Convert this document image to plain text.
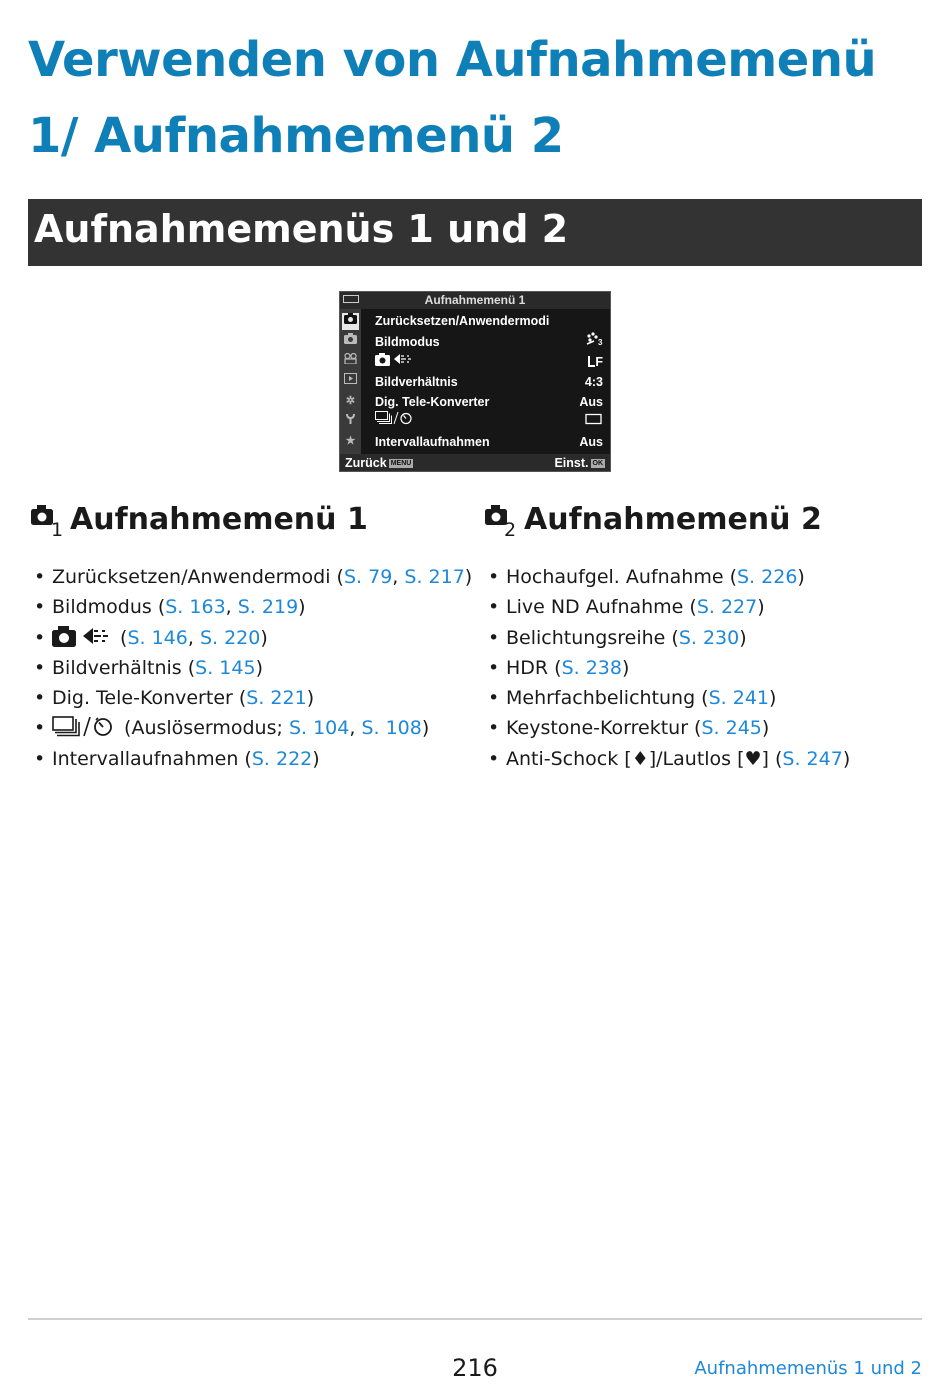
Verwenden von Aufnahmemenü 1/ Aufnahmemenü 2
Aufnahmemenüs 1 und 2
Aufnahmemenü 1
✲
★
Zurücksetzen/Anwendermodi
Bildmodus	3
F
Bildverhältnis	4:3
Dig. Tele-Konverter	Aus
Intervallaufnahmen	Aus
Zurück MENU	Einst. OK
1 Aufnahmemenü 1
• Zurücksetzen/Anwendermodi (S. 79, S. 217)
• Bildmodus (S. 163, S. 219)
• (S. 146, S. 220)
• Bildverhältnis (S. 145)
• Dig. Tele-Konverter (S. 221)
• (Auslösermodus; S. 104, S. 108)
• Intervallaufnahmen (S. 222)
2 Aufnahmemenü 2
• Hochaufgel. Aufnahme (S. 226)
• Live ND Aufnahme (S. 227)
• Belichtungsreihe (S. 230)
• HDR (S. 238)
• Mehrfachbelichtung (S. 241)
• Keystone-Korrektur (S. 245)
• Anti-Schock [♦]/Lautlos [♥] (S. 247)
216	Aufnahmemenüs 1 und 2
